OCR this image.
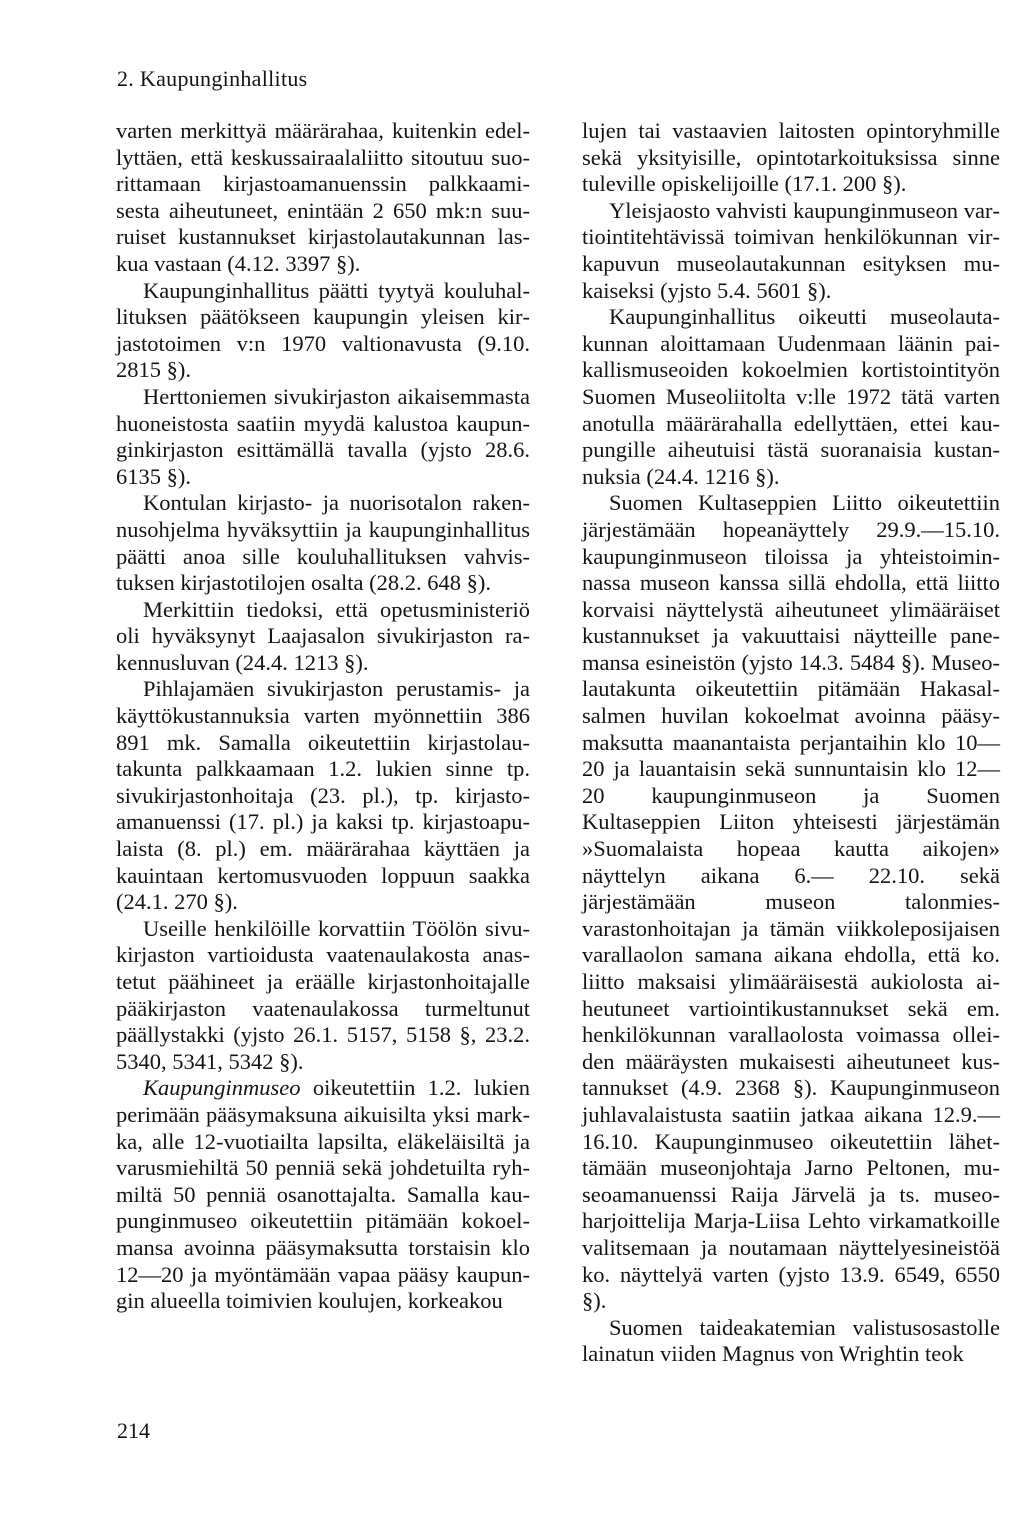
2. Kaupunginhallitus

varten merkittyä määrärahaa, kuitenkin edellyttäen, että keskussairaalaliitto sitoutuu suorittamaan kirjastoamanuenssin palkkaamisesta aiheutuneet, enintään 2 650 mk:n suuruiset kustannukset kirjastolautakunnan laskua vastaan (4.12. 3397 §).

Kaupunginhallitus päätti tyytyä kouluhallituksen päätökseen kaupungin yleisen kirjastotoimen v:n 1970 valtionavusta (9.10. 2815 §).

Herttoniemen sivukirjaston aikaisemmasta huoneistosta saatiin myydä kalustoa kaupunginkirjaston esittämällä tavalla (yjsto 28.6. 6135 §).

Kontulan kirjasto- ja nuorisotalon rakennusohjelma hyväksyttiin ja kaupunginhallitus päätti anoa sille kouluhallituksen vahvistuksen kirjastotilojen osalta (28.2. 648 §).

Merkittiin tiedoksi, että opetusministeriö oli hyväksynyt Laajasalon sivukirjaston rakennusluvan (24.4. 1213 §).

Pihlajamäen sivukirjaston perustamis- ja käyttökustannuksia varten myönnettiin 386 891 mk. Samalla oikeutettiin kirjastolautakunta palkkaamaan 1.2. lukien sinne tp. sivukirjastonhoitaja (23. pl.), tp. kirjastoamanuenssi (17. pl.) ja kaksi tp. kirjastoapulaista (8. pl.) em. määrärahaa käyttäen ja kauintaan kertomusvuoden loppuun saakka (24.1. 270 §).

Useille henkilöille korvattiin Töölön sivukirjaston vartioidusta vaatenaulakosta anastetut päähineet ja eräälle kirjastonhoitajalle pääkirjaston vaatenaulakossa turmeltunut päällystakki (yjsto 26.1. 5157, 5158 §, 23.2. 5340, 5341, 5342 §).

Kaupunginmuseo oikeutettiin 1.2. lukien perimään pääsymaksuna aikuisilta yksi markka, alle 12-vuotiailta lapsilta, eläkeläisiltä ja varusmiehiltä 50 penniä sekä johdetuilta ryhmiltä 50 penniä osanottajalta. Samalla kaupunginmuseo oikeutettiin pitämään kokoelmansa avoinna pääsymaksutta torstaisin klo 12—20 ja myöntämään vapaa pääsy kaupungin alueella toimivien koulujen, korkeakou

lujen tai vastaavien laitosten opintoryhmille sekä yksityisille, opintotarkoituksissa sinne tuleville opiskelijoille (17.1. 200 §).

Yleisjaosto vahvisti kaupunginmuseon vartiointitehtävissä toimivan henkilökunnan virkapuvun museolautakunnan esityksen mukaiseksi (yjsto 5.4. 5601 §).

Kaupunginhallitus oikeutti museolautakunnan aloittamaan Uudenmaan läänin paikallismuseoiden kokoelmien kortistointityön Suomen Museoliitolta v:lle 1972 tätä varten anotulla määrärahalla edellyttäen, ettei kaupungille aiheutuisi tästä suoranaisia kustannuksia (24.4. 1216 §).

Suomen Kultaseppien Liitto oikeutettiin järjestämään hopeanäyttely 29.9.—15.10. kaupunginmuseon tiloissa ja yhteistoiminnassa museon kanssa sillä ehdolla, että liitto korvaisi näyttelystä aiheutuneet ylimääräiset kustannukset ja vakuuttaisi näytteille panemansa esineistön (yjsto 14.3. 5484 §). Museolautakunta oikeutettiin pitämään Hakasalsalmen huvilan kokoelmat avoinna pääsymaksutta maanantaista perjantaihin klo 10— 20 ja lauantaisin sekä sunnuntaisin klo 12—20 kaupunginmuseon ja Suomen Kultaseppien Liiton yhteisesti järjestämän »Suomalaista hopeaa kautta aikojen» näyttelyn aikana 6.— 22.10. sekä järjestämään museon talonmiesvarastonhoitajan ja tämän viikkoleposijaisen varallaolon samana aikana ehdolla, että ko. liitto maksaisi ylimääräisestä aukiolosta aiheutuneet vartiointikustannukset sekä em. henkilökunnan varallaolosta voimassa olleiden määräysten mukaisesti aiheutuneet kustannukset (4.9. 2368 §). Kaupunginmuseon juhlavalaistusta saatiin jatkaa aikana 12.9.— 16.10. Kaupunginmuseo oikeutettiin lähettämään museonjohtaja Jarno Peltonen, museoamanuenssi Raija Järvelä ja ts. museoharjoittelija Marja-Liisa Lehto virkamatkoille valitsemaan ja noutamaan näyttelyesineistöä ko. näyttelyä varten (yjsto 13.9. 6549, 6550 §).

Suomen taideakatemian valistusosastolle lainatun viiden Magnus von Wrightin teok

214
